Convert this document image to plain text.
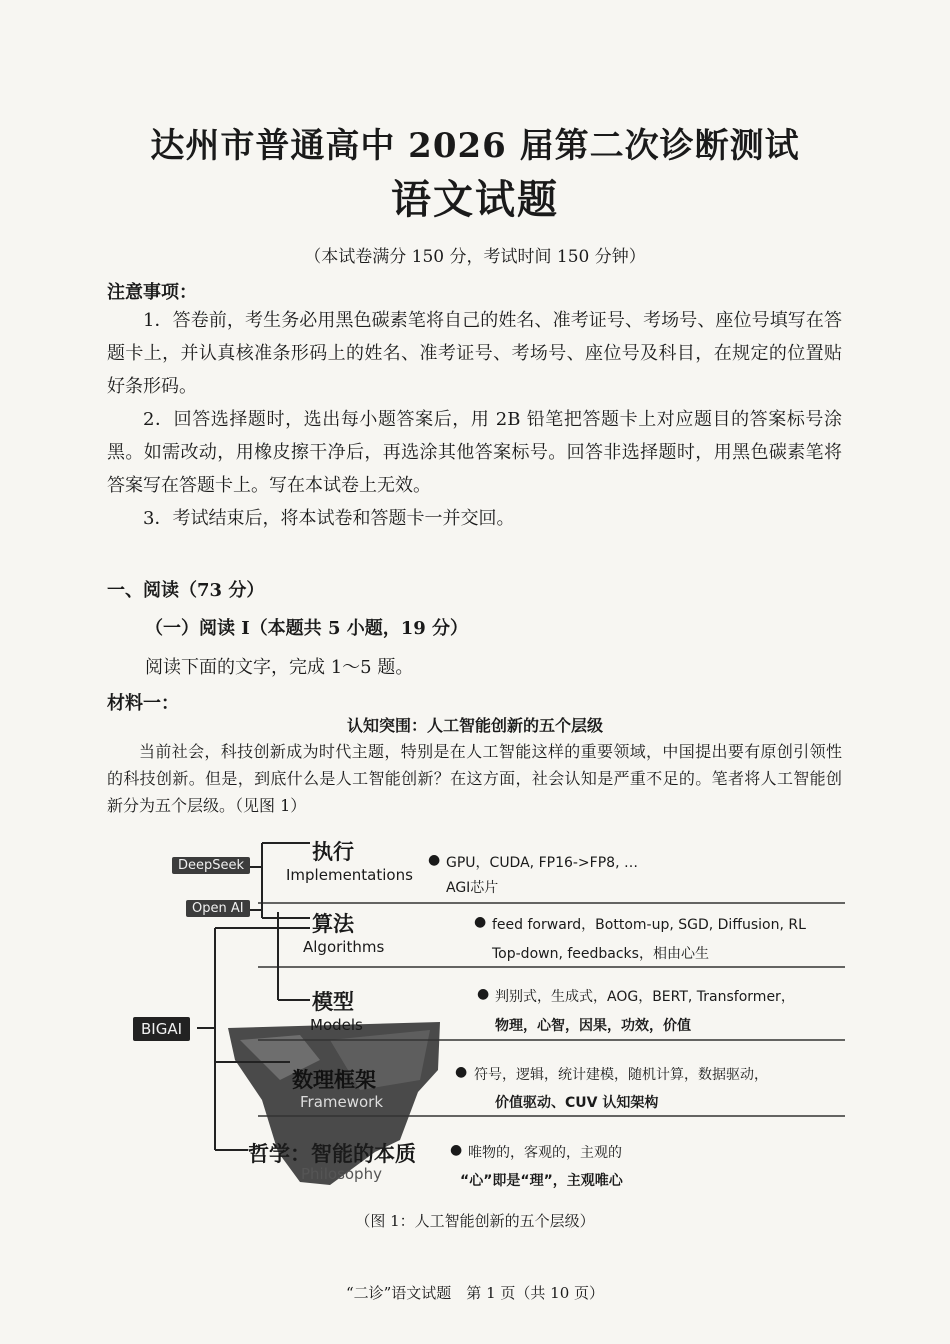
达州市普通高中 2026 届第二次诊断测试
语文试题
（本试卷满分 150 分，考试时间 150 分钟）
注意事项：
1．答卷前，考生务必用黑色碳素笔将自己的姓名、准考证号、考场号、座位号填写在答题卡上，并认真核准条形码上的姓名、准考证号、考场号、座位号及科目，在规定的位置贴好条形码。
2．回答选择题时，选出每小题答案后，用 2B 铅笔把答题卡上对应题目的答案标号涂黑。如需改动，用橡皮擦干净后，再选涂其他答案标号。回答非选择题时，用黑色碳素笔将答案写在答题卡上。写在本试卷上无效。
3．考试结束后，将本试卷和答题卡一并交回。
一、阅读（73 分）
（一）阅读 Ⅰ（本题共 5 小题，19 分）
阅读下面的文字，完成 1～5 题。
材料一：
认知突围：人工智能创新的五个层级
当前社会，科技创新成为时代主题，特别是在人工智能这样的重要领域，中国提出要有原创引领性的科技创新。但是，到底什么是人工智能创新？在这方面，社会认知是严重不足的。笔者将人工智能创新分为五个层级。（见图 1）
DeepSeek
Open AI
BIGAI
执行
Implementations
● GPU，CUDA, FP16->FP8, …
AGI芯片
算法
Algorithms
● feed forward，Bottom-up, SGD, Diffusion, RL
Top-down, feedbacks，相由心生
模型
Models
● 判别式，生成式，AOG，BERT, Transformer，
物理，心智，因果，功效，价值
数理框架
Framework
● 符号，逻辑，统计建模，随机计算，数据驱动，
价值驱动、CUV 认知架构
哲学：智能的本质
Philosophy
● 唯物的，客观的，主观的
“心”即是“理”，主观唯心
（图 1：人工智能创新的五个层级）
“二诊”语文试题　第 1 页（共 10 页）
